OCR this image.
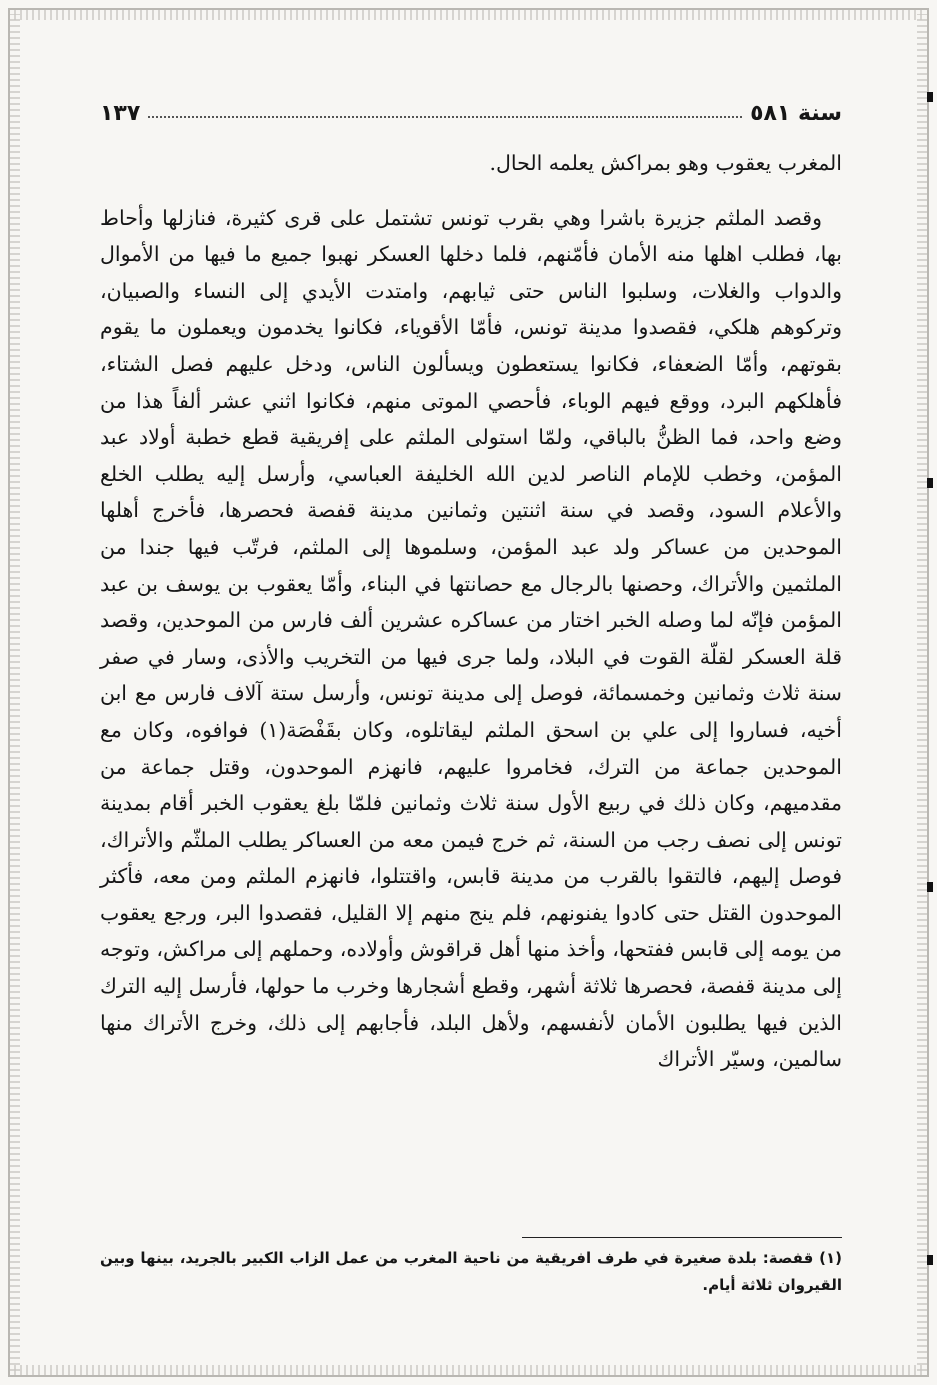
سنة ٥٨١
١٣٧

المغرب يعقوب وهو بمراكش يعلمه الحال.

وقصد الملثم جزيرة باشرا وهي بقرب تونس تشتمل على قرى كثيرة، فنازلها وأحاط بها، فطلب اهلها منه الأمان فأمّنهم، فلما دخلها العسكر نهبوا جميع ما فيها من الأموال والدواب والغلات، وسلبوا الناس حتى ثيابهم، وامتدت الأيدي إلى النساء والصبيان، وتركوهم هلكي، فقصدوا مدينة تونس، فأمّا الأقوياء، فكانوا يخدمون ويعملون ما يقوم بقوتهم، وأمّا الضعفاء، فكانوا يستعطون ويسألون الناس، ودخل عليهم فصل الشتاء، فأهلكهم البرد، ووقع فيهم الوباء، فأحصي الموتى منهم، فكانوا اثني عشر ألفاً هذا من وضع واحد، فما الظنُّ بالباقي، ولمّا استولى الملثم على إفريقية قطع خطبة أولاد عبد المؤمن، وخطب للإمام الناصر لدين الله الخليفة العباسي، وأرسل إليه يطلب الخلع والأعلام السود، وقصد في سنة اثنتين وثمانين مدينة قفصة فحصرها، فأخرج أهلها الموحدين من عساكر ولد عبد المؤمن، وسلموها إلى الملثم، فرتّب فيها جندا من الملثمين والأتراك، وحصنها بالرجال مع حصانتها في البناء، وأمّا يعقوب بن يوسف بن عبد المؤمن فإنّه لما وصله الخبر اختار من عساكره عشرين ألف فارس من الموحدين، وقصد قلة العسكر لقلّة القوت في البلاد، ولما جرى فيها من التخريب والأذى، وسار في صفر سنة ثلاث وثمانين وخمسمائة، فوصل إلى مدينة تونس، وأرسل ستة آلاف فارس مع ابن أخيه، فساروا إلى علي بن اسحق الملثم ليقاتلوه، وكان بقَفْصَة(١) فوافوه، وكان مع الموحدين جماعة من الترك، فخامروا عليهم، فانهزم الموحدون، وقتل جماعة من مقدميهم، وكان ذلك في ربيع الأول سنة ثلاث وثمانين فلمّا بلغ يعقوب الخبر أقام بمدينة تونس إلى نصف رجب من السنة، ثم خرج فيمن معه من العساكر يطلب الملثّم والأتراك، فوصل إليهم، فالتقوا بالقرب من مدينة قابس، واقتتلوا، فانهزم الملثم ومن معه، فأكثر الموحدون القتل حتى كادوا يفنونهم، فلم ينج منهم إلا القليل، فقصدوا البر، ورجع يعقوب من يومه إلى قابس ففتحها، وأخذ منها أهل قراقوش وأولاده، وحملهم إلى مراكش، وتوجه إلى مدينة قفصة، فحصرها ثلاثة أشهر، وقطع أشجارها وخرب ما حولها، فأرسل إليه الترك الذين فيها يطلبون الأمان لأنفسهم، ولأهل البلد، فأجابهم إلى ذلك، وخرج الأتراك منها سالمين، وسيّر الأتراك

(١) قفصة: بلدة صغيرة في طرف افريقية من ناحية المغرب من عمل الزاب الكبير بالجريد، بينها وبين القيروان ثلاثة أيام.
